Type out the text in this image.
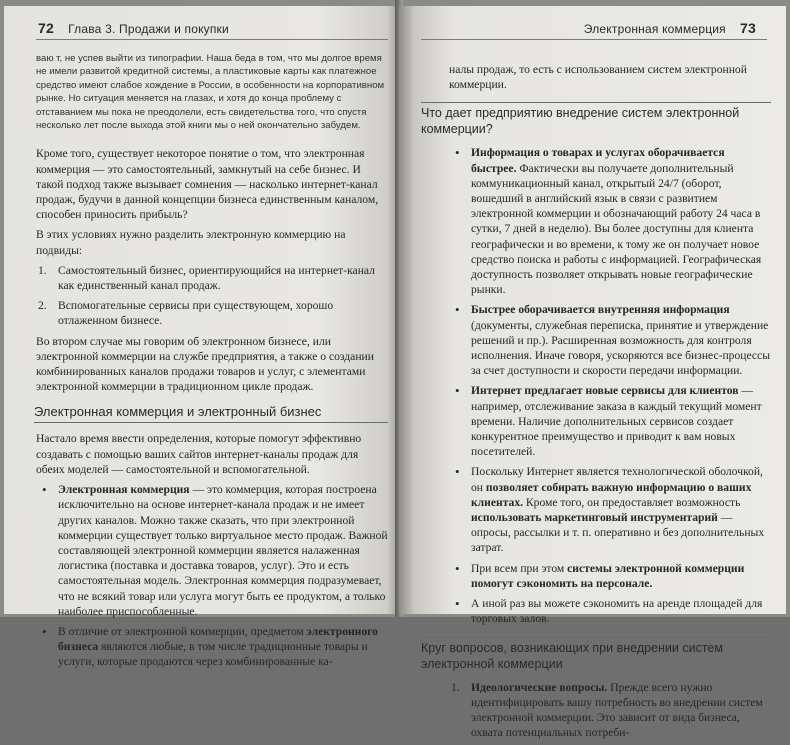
72 Глава 3. Продажи и покупки

ваю т, не успев выйти из типографии. Наша беда в том, что мы долгое время не имели развитой кредитной системы, а пластиковые карты как платежное средство имеют слабое хождение в России, в особенности на корпоративном рынке. Но ситуация меняется на глазах, и хотя до конца проблему с отставанием мы пока не преодолели, есть свидетельства того, что спустя несколько лет после выхода этой книги мы о ней окончательно забудем.

Кроме того, существует некоторое понятие о том, что электронная коммерция — это самостоятельный, замкнутый на себе бизнес. И такой подход также вызывает сомнения — насколько интернет-канал продаж, будучи в данной концепции бизнеса единственным каналом, способен приносить прибыль?

В этих условиях нужно разделить электронную коммерцию на подвиды:

1. Самостоятельный бизнес, ориентирующийся на интернет-канал как единственный канал продаж.
2. Вспомогательные сервисы при существующем, хорошо отлаженном бизнесе.

Во втором случае мы говорим об электронном бизнесе, или электронной коммерции на службе предприятия, а также о создании комбинированных каналов продажи товаров и услуг, с элементами электронной коммерции в традиционном цикле продаж.

Электронная коммерция и электронный бизнес

Настало время ввести определения, которые помогут эффективно создавать с помощью ваших сайтов интернет-каналы продаж для обеих моделей — самостоятельной и вспомогательной.

• Электронная коммерция — это коммерция, которая построена исключительно на основе интернет-канала продаж и не имеет других каналов. Можно также сказать, что при электронной коммерции существует только виртуальное место продаж. Важной составляющей электронной коммерции является налаженная логистика (поставка и доставка товаров, услуг). Это и есть самостоятельная модель. Электронная коммерция подразумевает, что не всякий товар или услуга могут быть ее продуктом, а только наиболее приспособленные.
• В отличие от электронной коммерции, предметом электронного бизнеса являются любые, в том числе традиционные товары и услуги, которые продаются через комбинированные ка-
Электронная коммерция 73

налы продаж, то есть с использованием систем электронной коммерции.

Что дает предприятию внедрение систем электронной коммерции?
• Информация о товарах и услугах оборачивается быстрее. Фактически вы получаете дополнительный коммуникационный канал, открытый 24/7 (оборот, вошедший в английский язык в связи с развитием электронной коммерции и обозначающий работу 24 часа в сутки, 7 дней в неделю). Вы более доступны для клиента географически и во времени, к тому же он получает новое средство поиска и работы с информацией. Географическая доступность позволяет открывать новые географические рынки.
• Быстрее оборачивается внутренняя информация (документы, служебная переписка, принятие и утверждение решений и пр.). Расширенная возможность для контроля исполнения. Иначе говоря, ускоряются все бизнес-процессы за счет доступности и скорости передачи информации.
• Интернет предлагает новые сервисы для клиентов — например, отслеживание заказа в каждый текущий момент времени. Наличие дополнительных сервисов создает конкурентное преимущество и приводит к вам новых посетителей.
• Поскольку Интернет является технологической оболочкой, он позволяет собирать важную информацию о ваших клиентах. Кроме того, он предоставляет возможность использовать маркетинговый инструментарий — опросы, рассылки и т. п. оперативно и без дополнительных затрат.
• При всем при этом системы электронной коммерции помогут сэкономить на персонале.
• А иной раз вы можете сэкономить на аренде площадей для торговых залов.
Круг вопросов, возникающих при внедрении систем электронной коммерции
1. Идеологические вопросы. Прежде всего нужно идентифицировать вашу потребность во внедрении систем электронной коммерции. Это зависит от вида бизнеса, охвата потенциальных потреби-
